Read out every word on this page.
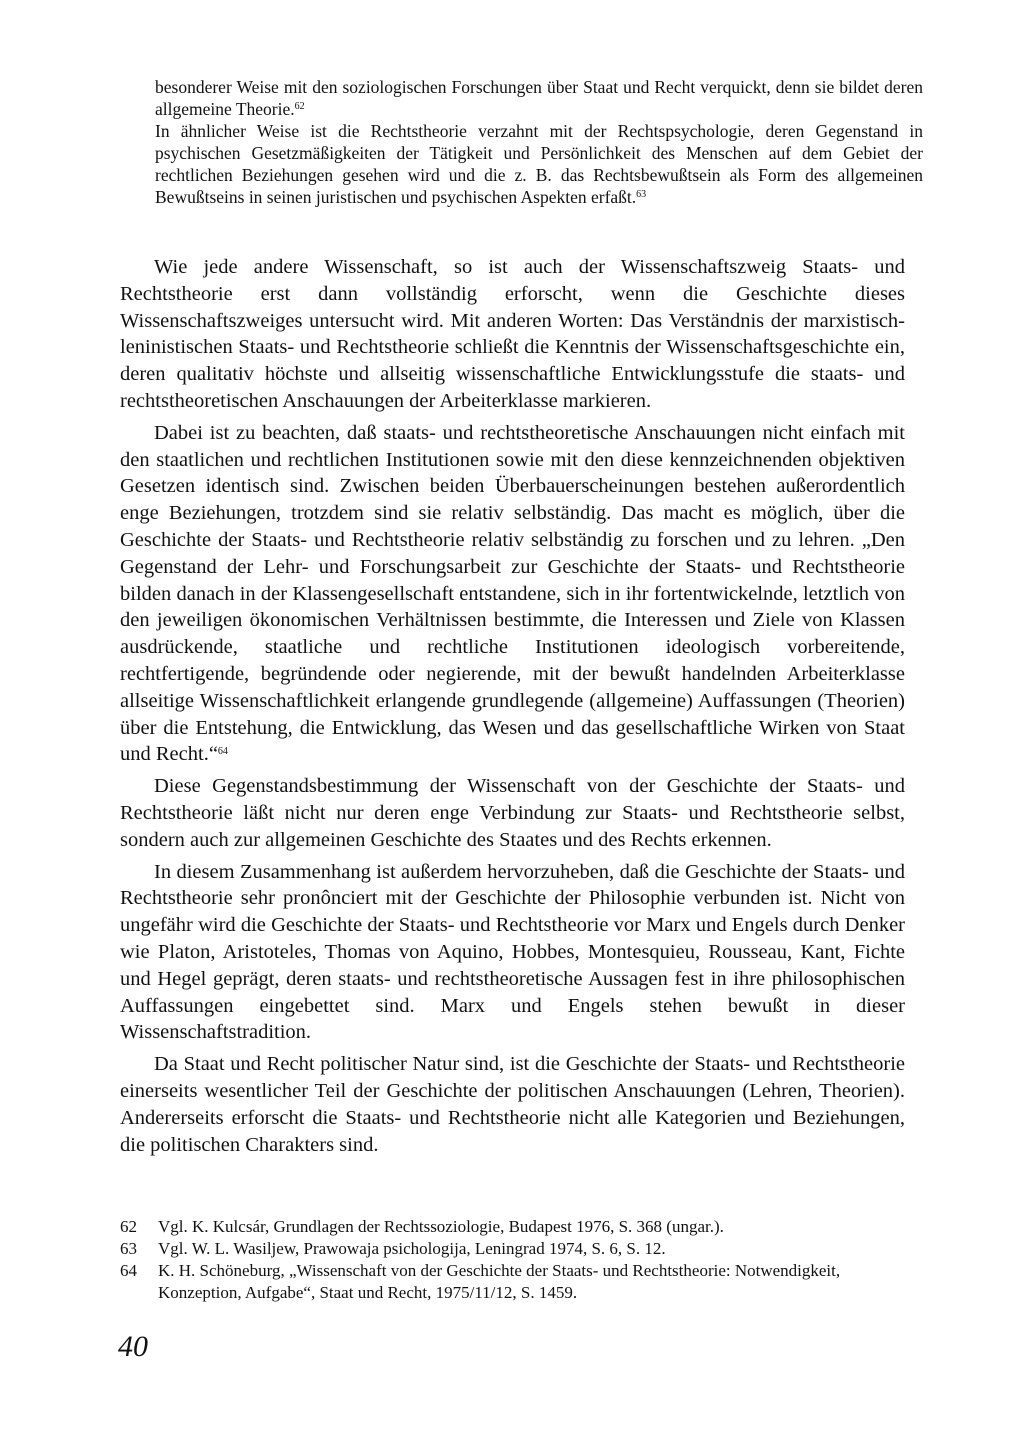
besonderer Weise mit den soziologischen Forschungen über Staat und Recht verquickt, denn sie bildet deren allgemeine Theorie.$^{62}$

In ähnlicher Weise ist die Rechtstheorie verzahnt mit der Rechtspsychologie, deren Gegenstand in psychischen Gesetzmäßigkeiten der Tätigkeit und Persönlichkeit des Menschen auf dem Gebiet der rechtlichen Beziehungen gesehen wird und die z. B. das Rechtsbewußtsein als Form des allgemeinen Bewußtseins in seinen juristischen und psychischen Aspekten erfaßt.$^{63}$

Wie jede andere Wissenschaft, so ist auch der Wissenschaftszweig Staats- und Rechtstheorie erst dann vollständig erforscht, wenn die Geschichte dieses Wissenschaftszweiges untersucht wird. Mit anderen Worten: Das Verständnis der marxistisch-leninistischen Staats- und Rechtstheorie schließt die Kenntnis der Wissenschaftsgeschichte ein, deren qualitativ höchste und allseitig wissenschaftliche Entwicklungsstufe die staats- und rechtstheoretischen Anschauungen der Arbeiterklasse markieren.

Dabei ist zu beachten, daß staats- und rechtstheoretische Anschauungen nicht einfach mit den staatlichen und rechtlichen Institutionen sowie mit den diese kennzeichnenden objektiven Gesetzen identisch sind. Zwischen beiden Überbauerscheinungen bestehen außerordentlich enge Beziehungen, trotzdem sind sie relativ selbständig. Das macht es möglich, über die Geschichte der Staats- und Rechtstheorie relativ selbständig zu forschen und zu lehren. „Den Gegenstand der Lehr- und Forschungsarbeit zur Geschichte der Staats- und Rechtstheorie bilden danach in der Klassengesellschaft entstandene, sich in ihr fortentwickelnde, letztlich von den jeweiligen ökonomischen Verhältnissen bestimmte, die Interessen und Ziele von Klassen ausdrückende, staatliche und rechtliche Institutionen ideologisch vorbereitende, rechtfertigende, begründende oder negierende, mit der bewußt handelnden Arbeiterklasse allseitige Wissenschaftlichkeit erlangende grundlegende (allgemeine) Auffassungen (Theorien) über die Entstehung, die Entwicklung, das Wesen und das gesellschaftliche Wirken von Staat und Recht.“$^{64}$

Diese Gegenstandsbestimmung der Wissenschaft von der Geschichte der Staats- und Rechtstheorie läßt nicht nur deren enge Verbindung zur Staats- und Rechtstheorie selbst, sondern auch zur allgemeinen Geschichte des Staates und des Rechts erkennen.

In diesem Zusammenhang ist außerdem hervorzuheben, daß die Geschichte der Staats- und Rechtstheorie sehr pronônciert mit der Geschichte der Philosophie verbunden ist. Nicht von ungefähr wird die Geschichte der Staats- und Rechtstheorie vor Marx und Engels durch Denker wie Platon, Aristoteles, Thomas von Aquino, Hobbes, Montesquieu, Rousseau, Kant, Fichte und Hegel geprägt, deren staats- und rechtstheoretische Aussagen fest in ihre philosophischen Auffassungen eingebettet sind. Marx und Engels stehen bewußt in dieser Wissenschaftstradition.

Da Staat und Recht politischer Natur sind, ist die Geschichte der Staats- und Rechtstheorie einerseits wesentlicher Teil der Geschichte der politischen Anschauungen (Lehren, Theorien). Andererseits erforscht die Staats- und Rechtstheorie nicht alle Kategorien und Beziehungen, die politischen Charakters sind.

62	Vgl. K. Kulcsár, Grundlagen der Rechtssoziologie, Budapest 1976, S. 368 (ungar.).
63	Vgl. W. L. Wasiljew, Prawowaja psichologija, Leningrad 1974, S. 6, S. 12.
64	K. H. Schöneburg, „Wissenschaft von der Geschichte der Staats- und Rechtstheorie: Notwendigkeit, Konzeption, Aufgabe“, Staat und Recht, 1975/11/12, S. 1459.
40
